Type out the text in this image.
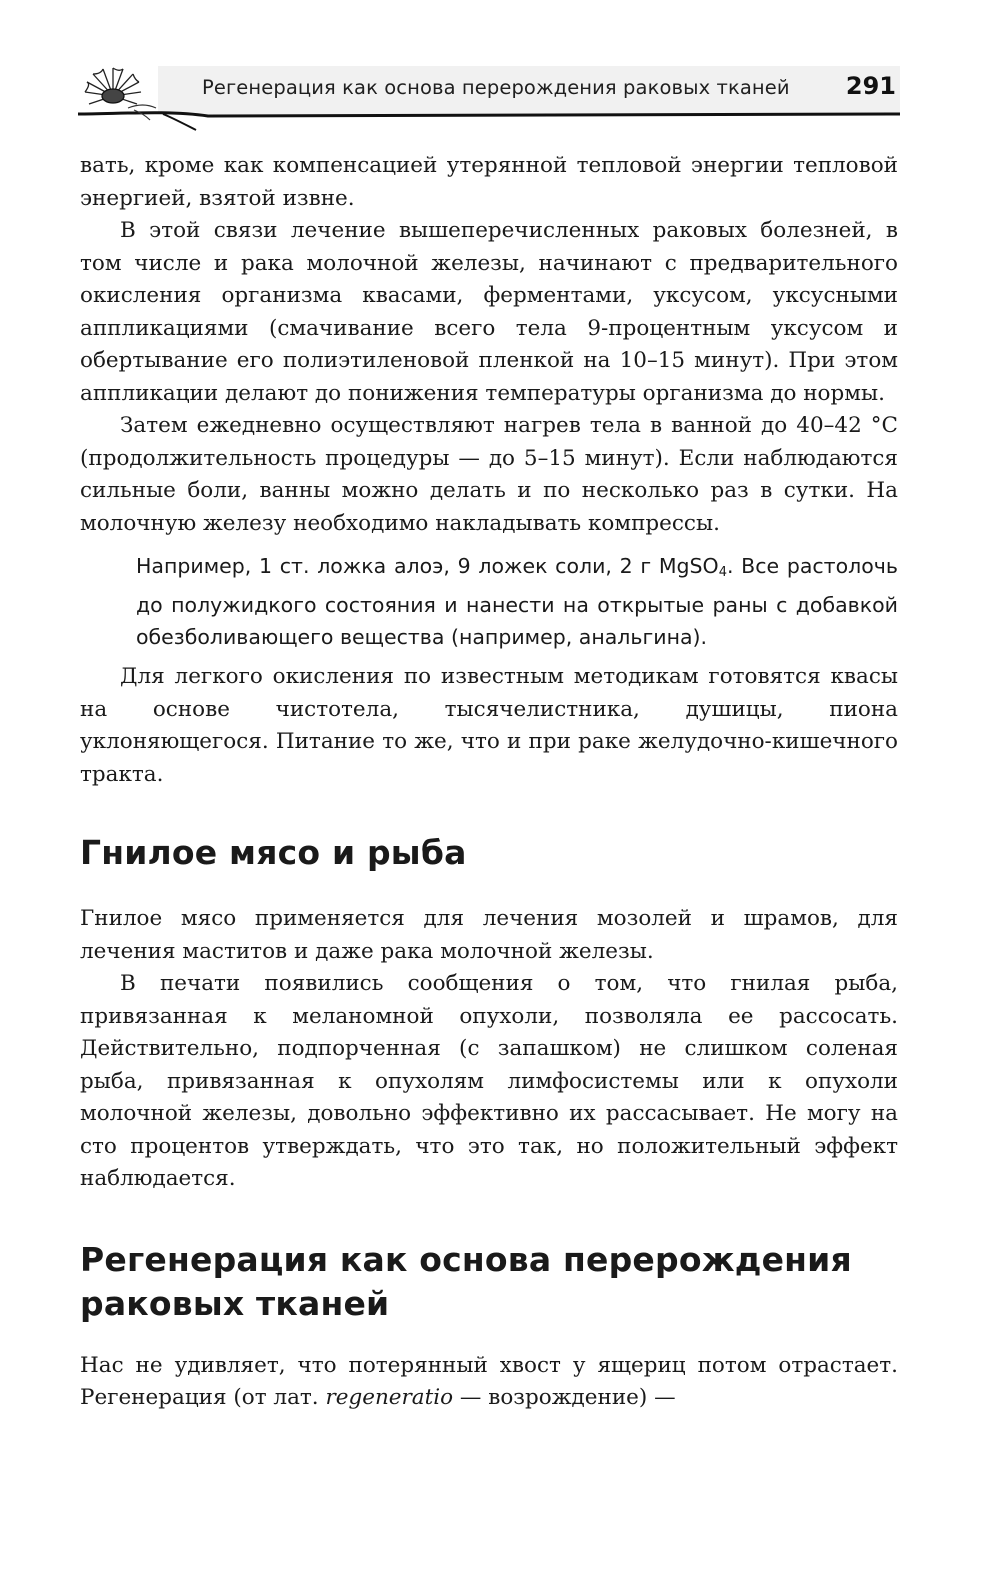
Регенерация как основа перерождения раковых тканей 291

вать, кроме как компенсацией утерянной тепловой энергии тепловой энергией, взятой извне.

В этой связи лечение вышеперечисленных раковых болезней, в том числе и рака молочной железы, начинают с предварительного окисления организма квасами, ферментами, уксусом, уксусными аппликациями (смачивание всего тела 9-процентным уксусом и обертывание его полиэтиленовой пленкой на 10–15 минут). При этом аппликации делают до понижения температуры организма до нормы.

Затем ежедневно осуществляют нагрев тела в ванной до 40–42 °C (продолжительность процедуры — до 5–15 минут). Если наблюдаются сильные боли, ванны можно делать и по несколько раз в сутки. На молочную железу необходимо накладывать компрессы.

Например, 1 ст. ложка алоэ, 9 ложек соли, 2 г MgSO$_4$. Все растолочь до полужидкого состояния и нанести на открытые раны с добавкой обезболивающего вещества (например, анальгина).

Для легкого окисления по известным методикам готовятся квасы на основе чистотела, тысячелистника, душицы, пиона уклоняющегося. Питание то же, что и при раке желудочно-кишечного тракта.

Гнилое мясо и рыба

Гнилое мясо применяется для лечения мозолей и шрамов, для лечения маститов и даже рака молочной железы.

В печати появились сообщения о том, что гнилая рыба, привязанная к меланомной опухоли, позволяла ее рассосать. Действительно, подпорченная (с запашком) не слишком соленая рыба, привязанная к опухолям лимфосистемы или к опухоли молочной железы, довольно эффективно их рассасывает. Не могу на сто процентов утверждать, что это так, но положительный эффект наблюдается.

Регенерация как основа перерождения раковых тканей

Нас не удивляет, что потерянный хвост у ящериц потом отрастает. Регенерация (от лат. regeneratio — возрождение) —
